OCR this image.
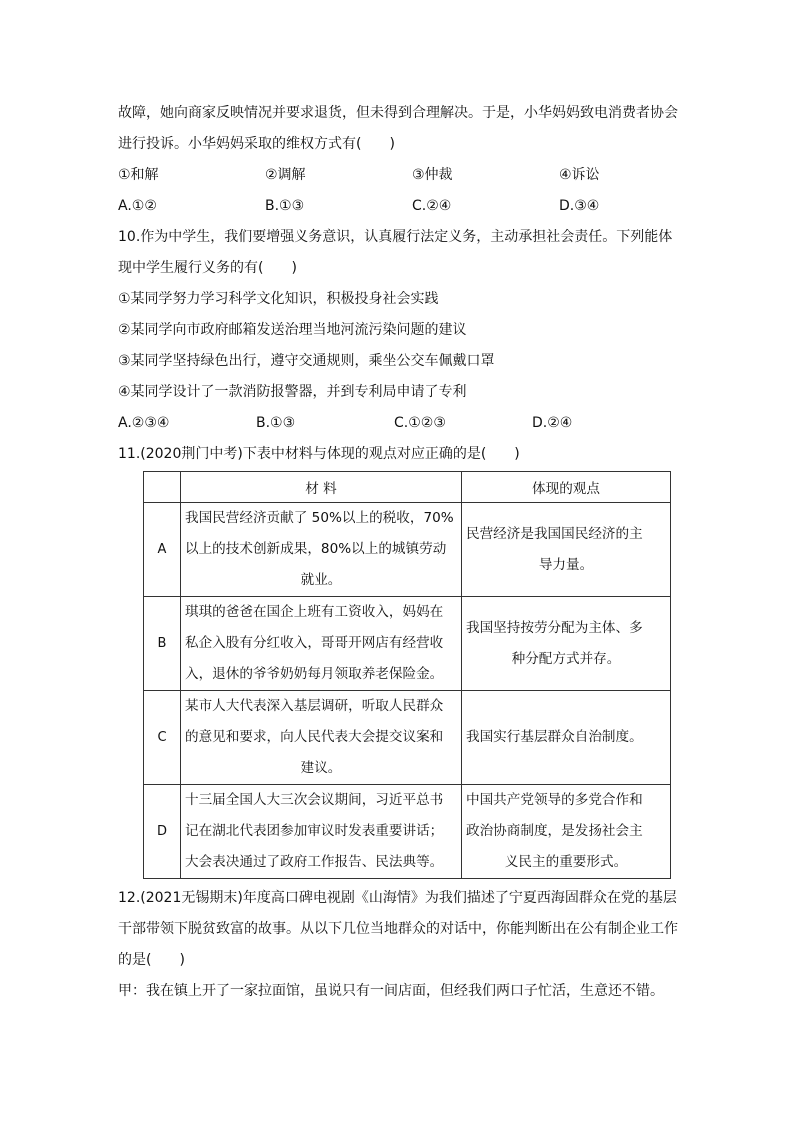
故障，她向商家反映情况并要求退货，但未得到合理解决。于是，小华妈妈致电消费者协会
进行投诉。小华妈妈采取的维权方式有(　　)
①和解	②调解	③仲裁	④诉讼
A.①②	B.①③	C.②④	D.③④
10.作为中学生，我们要增强义务意识，认真履行法定义务，主动承担社会责任。下列能体
现中学生履行义务的有(　　)
①某同学努力学习科学文化知识，积极投身社会实践
②某同学向市政府邮箱发送治理当地河流污染问题的建议
③某同学坚持绿色出行，遵守交通规则，乘坐公交车佩戴口罩
④某同学设计了一款消防报警器，并到专利局申请了专利
A.②③④	B.①③	C.①②③	D.②④
11.(2020荆门中考)下表中材料与体现的观点对应正确的是(　　)
	材 料	体现的观点
A	我国民营经济贡献了 50%以上的税收，70%
以上的技术创新成果，80%以上的城镇劳动
就业。	民营经济是我国国民经济的主
导力量。

B	琪琪的爸爸在国企上班有工资收入，妈妈在
私企入股有分红收入，哥哥开网店有经营收
入，退休的爷爷奶奶每月领取养老保险金。	我国坚持按劳分配为主体、多
种分配方式并存。

C	某市人大代表深入基层调研，听取人民群众
的意见和要求，向人民代表大会提交议案和
建议。	我国实行基层群众自治制度。

D	十三届全国人大三次会议期间，习近平总书
记在湖北代表团参加审议时发表重要讲话；
大会表决通过了政府工作报告、民法典等。	中国共产党领导的多党合作和
政治协商制度，是发扬社会主
义民主的重要形式。
12.(2021无锡期末)年度高口碑电视剧《山海情》为我们描述了宁夏西海固群众在党的基层
干部带领下脱贫致富的故事。从以下几位当地群众的对话中，你能判断出在公有制企业工作
的是(　　)
甲：我在镇上开了一家拉面馆，虽说只有一间店面，但经我们两口子忙活，生意还不错。
